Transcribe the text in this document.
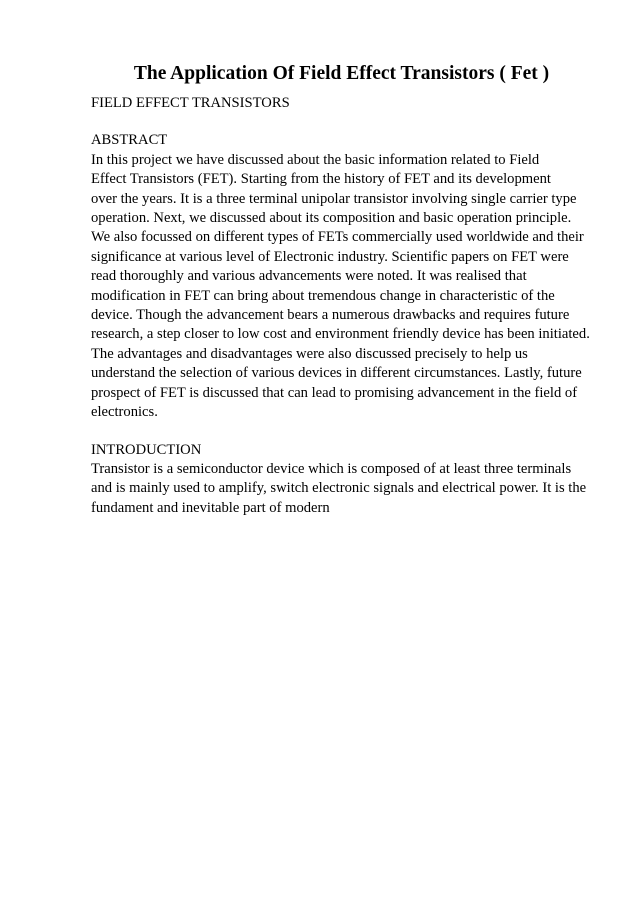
The Application Of Field Effect Transistors ( Fet )

FIELD EFFECT TRANSISTORS

ABSTRACT

In this project we have discussed about the basic information related to Field
Effect Transistors (FET). Starting from the history of FET and its development
over the years. It is a three terminal unipolar transistor involving single carrier type
operation. Next, we discussed about its composition and basic operation principle.
We also focussed on different types of FETs commercially used worldwide and their
significance at various level of Electronic industry. Scientific papers on FET were
read thoroughly and various advancements were noted. It was realised that
modification in FET can bring about tremendous change in characteristic of the
device. Though the advancement bears a numerous drawbacks and requires future
research, a step closer to low cost and environment friendly device has been initiated.
The advantages and disadvantages were also discussed precisely to help us
understand the selection of various devices in different circumstances. Lastly, future
prospect of FET is discussed that can lead to promising advancement in the field of
electronics.

INTRODUCTION

Transistor is a semiconductor device which is composed of at least three terminals
and is mainly used to amplify, switch electronic signals and electrical power. It is the
fundament and inevitable part of modern
